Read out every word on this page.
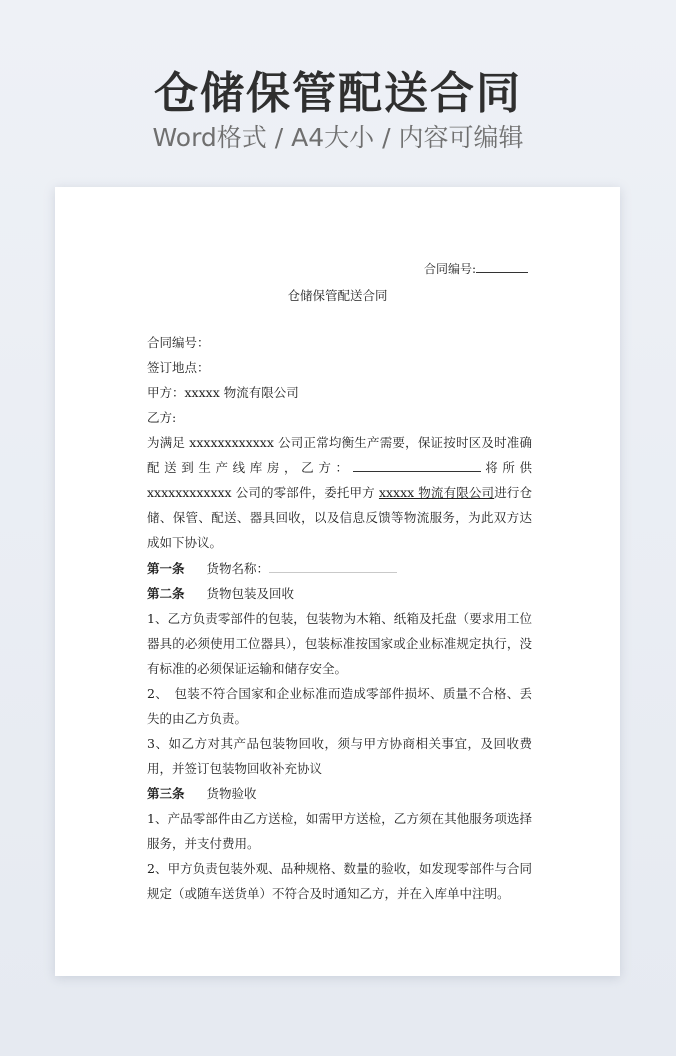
仓储保管配送合同
Word格式 / A4大小 / 内容可编辑
合同编号:
仓储保管配送合同

合同编号：

签订地点：

甲方：xxxxx 物流有限公司

乙方:

为满足 xxxxxxxxxxxx 公司正常均衡生产需要，保证按时区及时准确配送到生产线库房，乙方：	将所供 xxxxxxxxxxxx 公司的零部件，委托甲方 xxxxx 物流有限公司进行仓储、保管、配送、器具回收，以及信息反馈等物流服务，为此双方达成如下协议。

第一条 货物名称：

第二条 货物包装及回收

1、乙方负责零部件的包装，包装物为木箱、纸箱及托盘（要求用工位器具的必须使用工位器具），包装标准按国家或企业标准规定执行，没有标准的必须保证运输和储存安全。

2、　包装不符合国家和企业标准而造成零部件损坏、质量不合格、丢失的由乙方负责。

3、如乙方对其产品包装物回收，须与甲方协商相关事宜，及回收费用，并签订包装物回收补充协议

第三条 货物验收

1、产品零部件由乙方送检，如需甲方送检，乙方须在其他服务项选择服务，并支付费用。

2、甲方负责包装外观、品种规格、数量的验收，如发现零部件与合同规定（或随车送货单）不符合及时通知乙方，并在入库单中注明。
